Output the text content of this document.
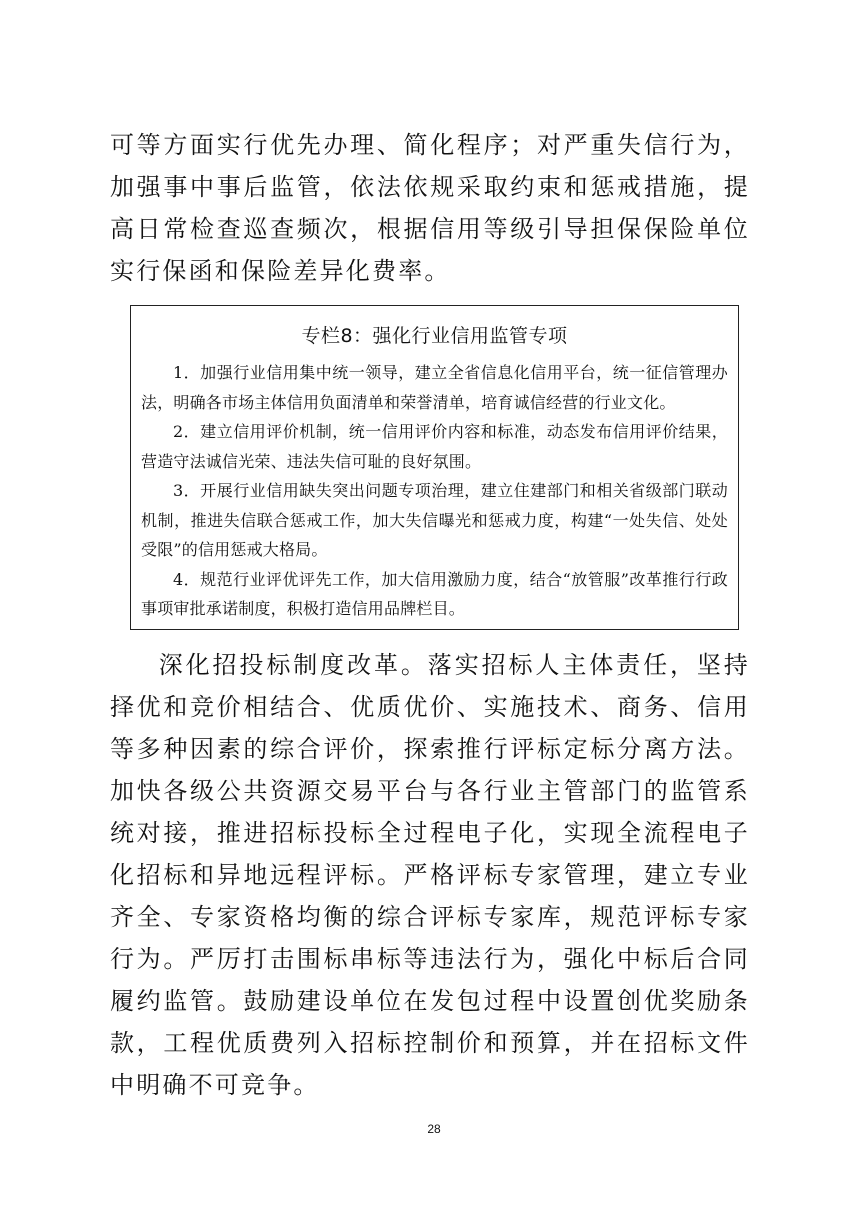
可等方面实行优先办理、简化程序；对严重失信行为，加强事中事后监管，依法依规采取约束和惩戒措施，提高日常检查巡查频次，根据信用等级引导担保保险单位实行保函和保险差异化费率。

专栏8：强化行业信用监管专项

1．加强行业信用集中统一领导，建立全省信息化信用平台，统一征信管理办法，明确各市场主体信用负面清单和荣誉清单，培育诚信经营的行业文化。

2．建立信用评价机制，统一信用评价内容和标准，动态发布信用评价结果，营造守法诚信光荣、违法失信可耻的良好氛围。

3．开展行业信用缺失突出问题专项治理，建立住建部门和相关省级部门联动机制，推进失信联合惩戒工作，加大失信曝光和惩戒力度，构建“一处失信、处处受限”的信用惩戒大格局。

4．规范行业评优评先工作，加大信用激励力度，结合“放管服”改革推行行政事项审批承诺制度，积极打造信用品牌栏目。

深化招投标制度改革。落实招标人主体责任，坚持择优和竞价相结合、优质优价、实施技术、商务、信用等多种因素的综合评价，探索推行评标定标分离方法。加快各级公共资源交易平台与各行业主管部门的监管系统对接，推进招标投标全过程电子化，实现全流程电子化招标和异地远程评标。严格评标专家管理，建立专业齐全、专家资格均衡的综合评标专家库，规范评标专家行为。严厉打击围标串标等违法行为，强化中标后合同履约监管。鼓励建设单位在发包过程中设置创优奖励条款，工程优质费列入招标控制价和预算，并在招标文件中明确不可竞争。

28
